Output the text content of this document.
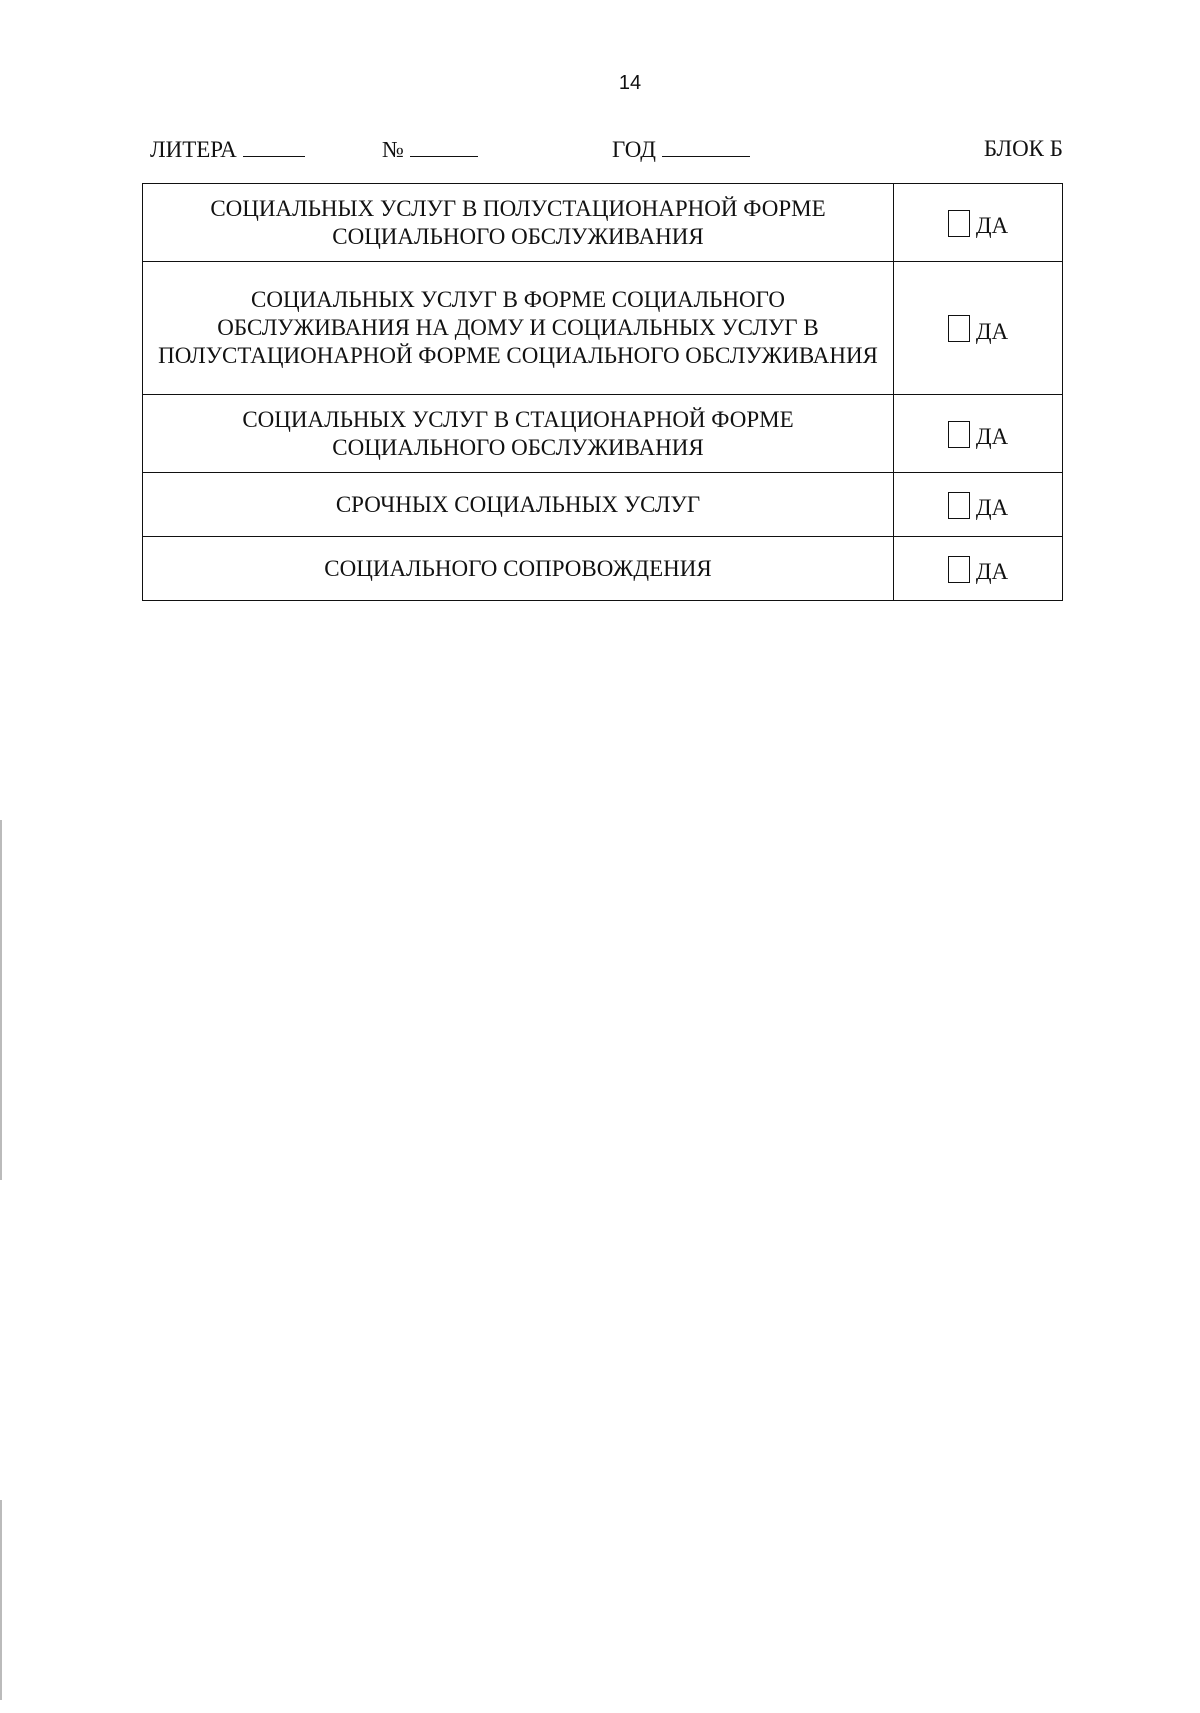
14
ЛИТЕРА	№	ГОД	БЛОК Б
СОЦИАЛЬНЫХ УСЛУГ В ПОЛУСТАЦИОНАРНОЙ ФОРМЕ СОЦИАЛЬНОГО ОБСЛУЖИВАНИЯ	ДА
СОЦИАЛЬНЫХ УСЛУГ В ФОРМЕ СОЦИАЛЬНОГО ОБСЛУЖИВАНИЯ НА ДОМУ И СОЦИАЛЬНЫХ УСЛУГ В ПОЛУСТАЦИОНАРНОЙ ФОРМЕ СОЦИАЛЬНОГО ОБСЛУЖИВАНИЯ	ДА
СОЦИАЛЬНЫХ УСЛУГ В СТАЦИОНАРНОЙ ФОРМЕ СОЦИАЛЬНОГО ОБСЛУЖИВАНИЯ	ДА
СРОЧНЫХ СОЦИАЛЬНЫХ УСЛУГ	ДА
СОЦИАЛЬНОГО СОПРОВОЖДЕНИЯ	ДА
